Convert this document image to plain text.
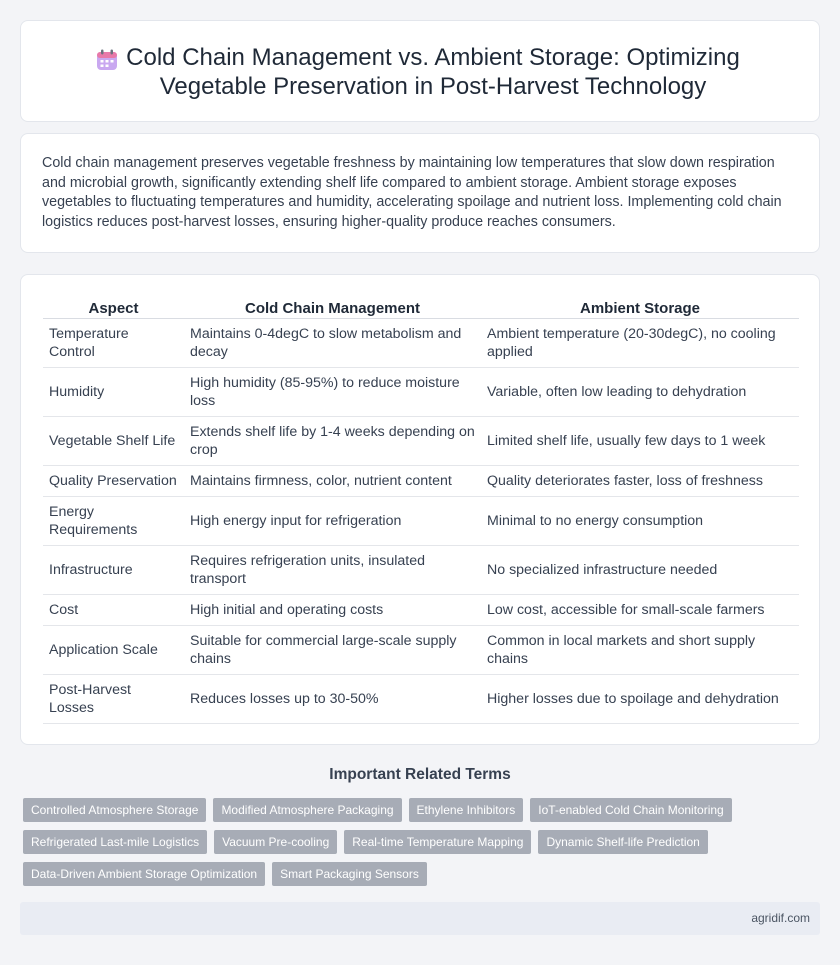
Cold Chain Management vs. Ambient Storage: Optimizing Vegetable Preservation in Post-Harvest Technology

Cold chain management preserves vegetable freshness by maintaining low temperatures that slow down respiration and microbial growth, significantly extending shelf life compared to ambient storage. Ambient storage exposes vegetables to fluctuating temperatures and humidity, accelerating spoilage and nutrient loss. Implementing cold chain logistics reduces post-harvest losses, ensuring higher-quality produce reaches consumers.

Aspect	Cold Chain Management	Ambient Storage
Temperature Control	Maintains 0-4degC to slow metabolism and decay	Ambient temperature (20-30degC), no cooling applied
Humidity	High humidity (85-95%) to reduce moisture loss	Variable, often low leading to dehydration
Vegetable Shelf Life	Extends shelf life by 1-4 weeks depending on crop	Limited shelf life, usually few days to 1 week
Quality Preservation	Maintains firmness, color, nutrient content	Quality deteriorates faster, loss of freshness
Energy Requirements	High energy input for refrigeration	Minimal to no energy consumption
Infrastructure	Requires refrigeration units, insulated transport	No specialized infrastructure needed
Cost	High initial and operating costs	Low cost, accessible for small-scale farmers
Application Scale	Suitable for commercial large-scale supply chains	Common in local markets and short supply chains
Post-Harvest Losses	Reduces losses up to 30-50%	Higher losses due to spoilage and dehydration
Important Related Terms
Controlled Atmosphere Storage	Modified Atmosphere Packaging	Ethylene Inhibitors	IoT-enabled Cold Chain Monitoring
Refrigerated Last-mile Logistics	Vacuum Pre-cooling	Real-time Temperature Mapping	Dynamic Shelf-life Prediction
Data-Driven Ambient Storage Optimization	Smart Packaging Sensors
agridif.com
